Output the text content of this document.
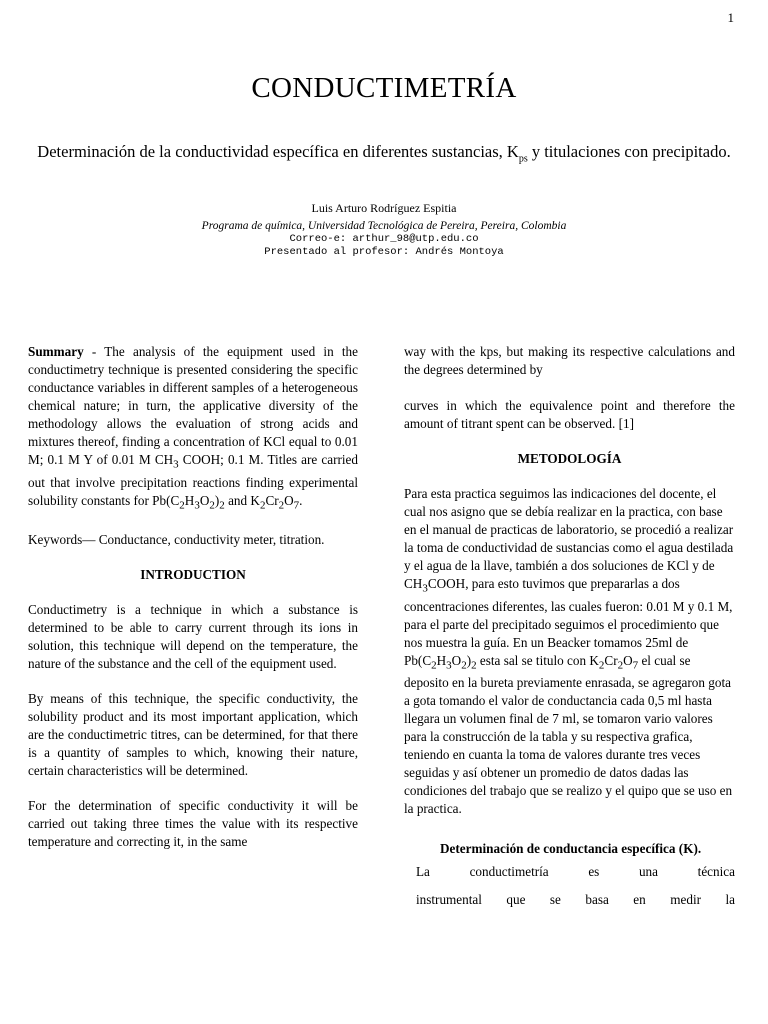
1
CONDUCTIMETRÍA
Determinación de la conductividad específica en diferentes sustancias, $K_{ps}$ y titulaciones con precipitado.
Luis Arturo Rodríguez Espitia
Programa de química, Universidad Tecnológica de Pereira, Pereira, Colombia
Correo-e: arthur_98@utp.edu.co
Presentado al profesor: Andrés Montoya

Summary - The analysis of the equipment used in the conductimetry technique is presented considering the specific conductance variables in different samples of a heterogeneous chemical nature; in turn, the applicative diversity of the methodology allows the evaluation of strong acids and mixtures thereof, finding a concentration of KCl equal to 0.01 M; 0.1 M Y of 0.01 M $CH_3$ COOH; 0.1 M. Titles are carried out that involve precipitation reactions finding experimental solubility constants for $Pb(C_2H_3O_2)_2$ and $K_2Cr_2O_7$.

Keywords— Conductance, conductivity meter, titration.

INTRODUCTION

Conductimetry is a technique in which a substance is determined to be able to carry current through its ions in solution, this technique will depend on the temperature, the nature of the substance and the cell of the equipment used.

By means of this technique, the specific conductivity, the solubility product and its most important application, which are the conductimetric titres, can be determined, for that there is a quantity of samples to which, knowing their nature, certain characteristics will be determined.

For the determination of specific conductivity it will be carried out taking three times the value with its respective temperature and correcting it, in the same

way with the kps, but making its respective calculations and the degrees determined by

curves in which the equivalence point and therefore the amount of titrant spent can be observed. [1]

METODOLOGÍA

Para esta practica seguimos las indicaciones del docente, el cual nos asigno que se debía realizar en la practica, con base en el manual de practicas de laboratorio, se procedió a realizar la toma de conductividad de sustancias como el agua destilada y el agua de la llave, también a dos soluciones de KCl y de $CH_3COOH$, para esto tuvimos que prepararlas a dos concentraciones diferentes, las cuales fueron: 0.01 M y 0.1 M, para el parte del precipitado seguimos el procedimiento que nos muestra la guía. En un Beacker tomamos 25ml de $Pb(C_2H_3O_2)_2$ esta sal se titulo con $K_2Cr_2O_7$ el cual se deposito en la bureta previamente enrasada, se agregaron gota a gota tomando el valor de conductancia cada 0,5 ml hasta llegara un volumen final de 7 ml, se tomaron vario valores para la construcción de la tabla y su respectiva grafica, teniendo en cuanta la toma de valores durante tres veces seguidas y así obtener un promedio de datos dadas las condiciones del trabajo que se realizo y el quipo que se uso en la practica.

Determinación de conductancia específica (K).

La conductimetría es una técnica

instrumental que se basa en medir la
